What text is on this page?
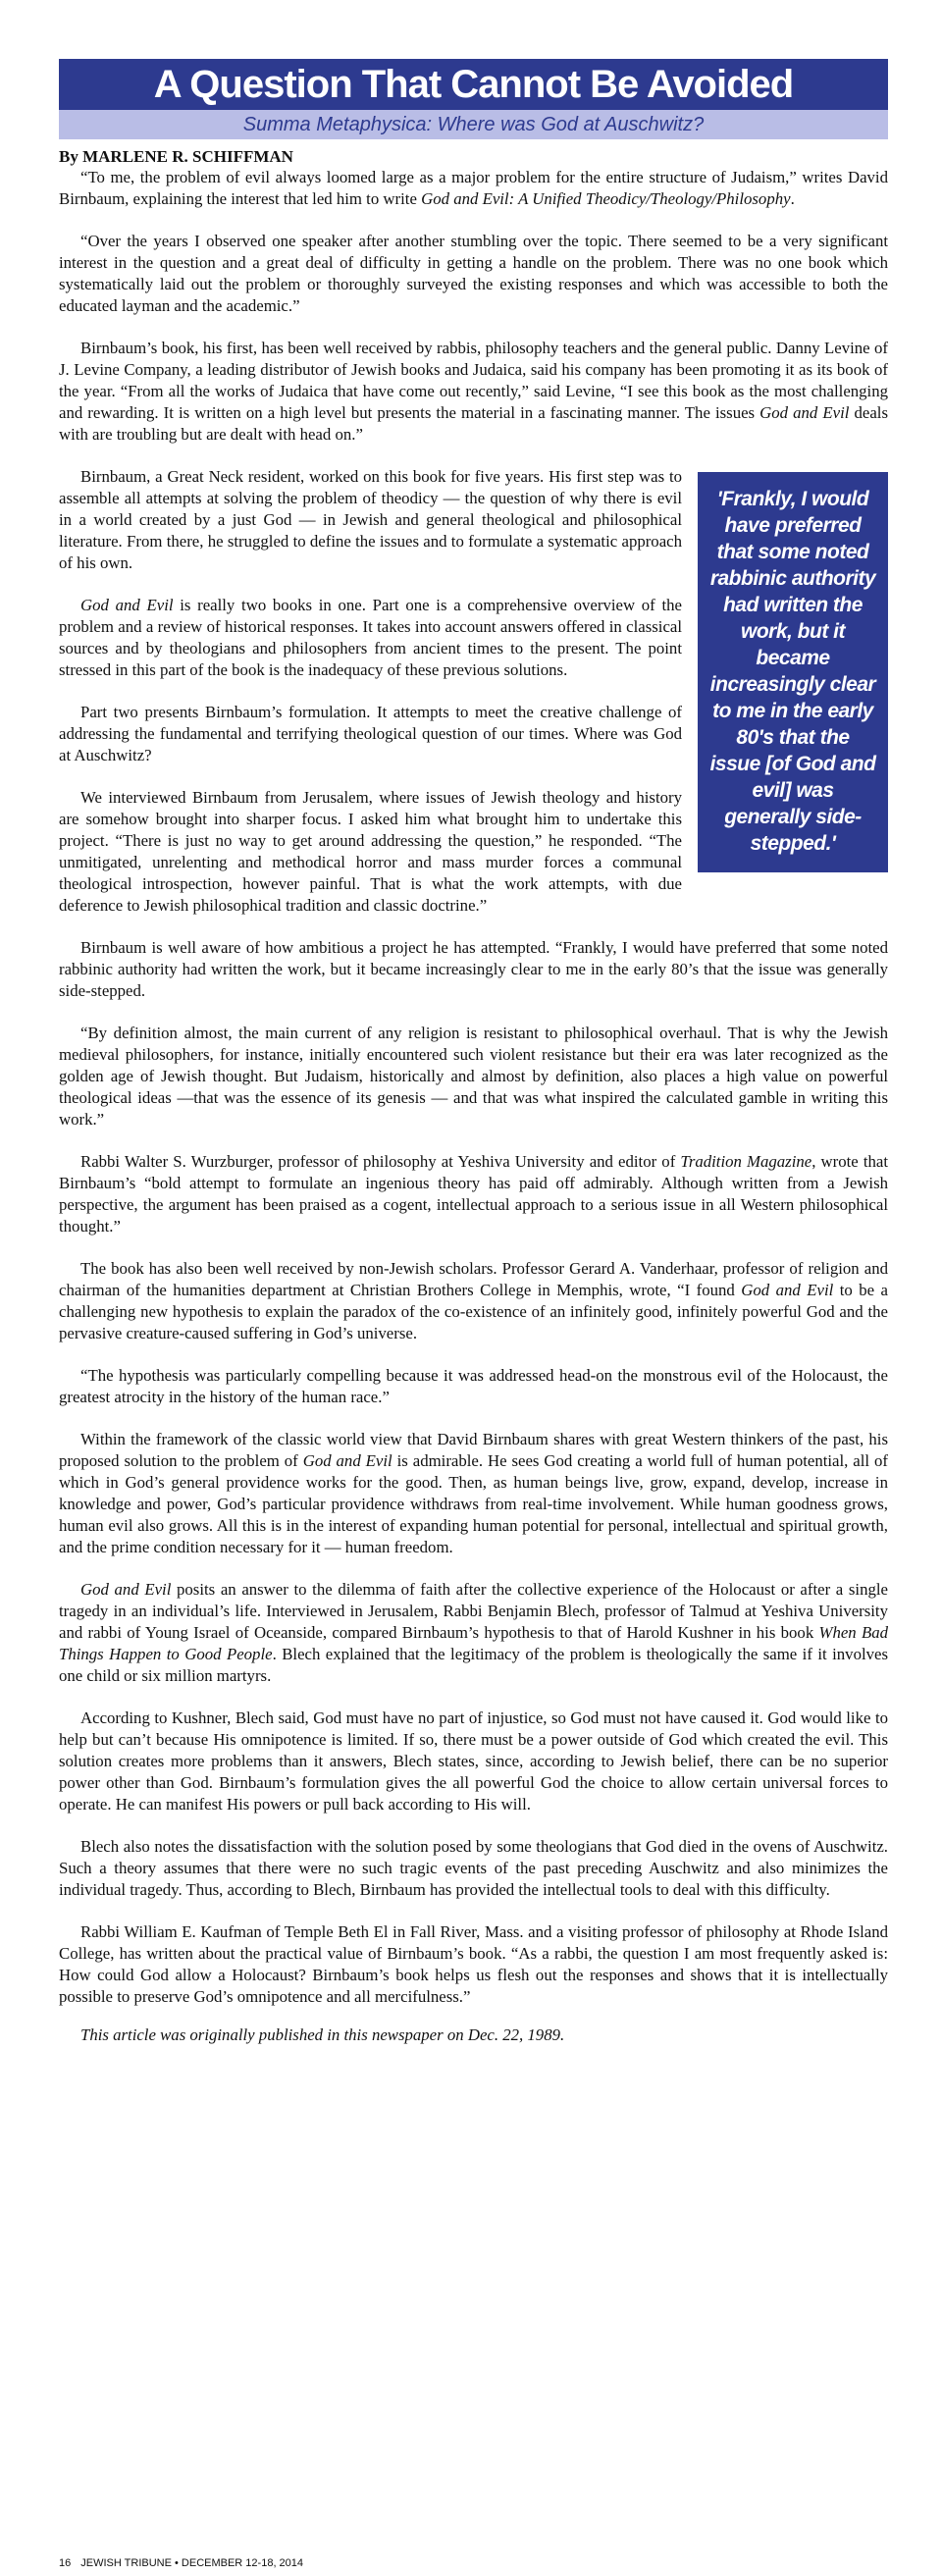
A Question That Cannot Be Avoided
Summa Metaphysica: Where was God at Auschwitz?
By MARLENE R. SCHIFFMAN

“To me, the problem of evil always loomed large as a major problem for the entire structure of Judaism,” writes David Birnbaum, explaining the interest that led him to write God and Evil: A Unified Theodicy/Theology/Philosophy.

“Over the years I observed one speaker after another stumbling over the topic. There seemed to be a very significant interest in the question and a great deal of difficulty in getting a handle on the problem. There was no one book which systematically laid out the problem or thoroughly surveyed the existing responses and which was accessible to both the educated layman and the academic.”

Birnbaum’s book, his first, has been well received by rabbis, philosophy teachers and the general public. Danny Levine of J. Levine Company, a leading distributor of Jewish books and Judaica, said his company has been promoting it as its book of the year. “From all the works of Judaica that have come out recently,” said Levine, “I see this book as the most challenging and rewarding. It is written on a high level but presents the material in a fascinating manner. The issues God and Evil deals with are troubling but are dealt with head on.”

'Frankly, I would have preferred that some noted rabbinic authority had written the work, but it became increasingly clear to me in the early 80's that the issue [of God and evil] was generally side-stepped.'

Birnbaum, a Great Neck resident, worked on this book for five years. His first step was to assemble all attempts at solving the problem of theodicy — the question of why there is evil in a world created by a just God — in Jewish and general theological and philosophical literature. From there, he struggled to define the issues and to formulate a systematic approach of his own.

God and Evil is really two books in one. Part one is a comprehensive overview of the problem and a review of historical responses. It takes into account answers offered in classical sources and by theologians and philosophers from ancient times to the present. The point stressed in this part of the book is the inadequacy of these previous solutions.

Part two presents Birnbaum’s formulation. It attempts to meet the creative challenge of addressing the fundamental and terrifying theological question of our times. Where was God at Auschwitz?

We interviewed Birnbaum from Jerusalem, where issues of Jewish theology and history are somehow brought into sharper focus. I asked him what brought him to undertake this project. “There is just no way to get around addressing the question,” he responded. “The unmitigated, unrelenting and methodical horror and mass murder forces a communal theological introspection, however painful. That is what the work attempts, with due deference to Jewish philosophical tradition and classic doctrine.”

Birnbaum is well aware of how ambitious a project he has attempted. “Frankly, I would have preferred that some noted rabbinic authority had written the work, but it became increasingly clear to me in the early 80’s that the issue was generally side-stepped.

“By definition almost, the main current of any religion is resistant to philosophical overhaul. That is why the Jewish medieval philosophers, for instance, initially encountered such violent resistance but their era was later recognized as the golden age of Jewish thought. But Judaism, historically and almost by definition, also places a high value on powerful theological ideas —that was the essence of its genesis — and that was what inspired the calculated gamble in writing this work.”

Rabbi Walter S. Wurzburger, professor of philosophy at Yeshiva University and editor of Tradition Magazine, wrote that Birnbaum’s “bold attempt to formulate an ingenious theory has paid off admirably. Although written from a Jewish perspective, the argument has been praised as a cogent, intellectual approach to a serious issue in all Western philosophical thought.”

The book has also been well received by non-Jewish scholars. Professor Gerard A. Vanderhaar, professor of religion and chairman of the humanities department at Christian Brothers College in Memphis, wrote, “I found God and Evil to be a challenging new hypothesis to explain the paradox of the co-existence of an infinitely good, infinitely powerful God and the pervasive creature-caused suffering in God’s universe.

“The hypothesis was particularly compelling because it was addressed head-on the monstrous evil of the Holocaust, the greatest atrocity in the history of the human race.”

Within the framework of the classic world view that David Birnbaum shares with great Western thinkers of the past, his proposed solution to the problem of God and Evil is admirable. He sees God creating a world full of human potential, all of which in God’s general providence works for the good. Then, as human beings live, grow, expand, develop, increase in knowledge and power, God’s particular providence withdraws from real-time involvement. While human goodness grows, human evil also grows. All this is in the interest of expanding human potential for personal, intellectual and spiritual growth, and the prime condition necessary for it — human freedom.

God and Evil posits an answer to the dilemma of faith after the collective experience of the Holocaust or after a single tragedy in an individual’s life. Interviewed in Jerusalem, Rabbi Benjamin Blech, professor of Talmud at Yeshiva University and rabbi of Young Israel of Oceanside, compared Birnbaum’s hypothesis to that of Harold Kushner in his book When Bad Things Happen to Good People. Blech explained that the legitimacy of the problem is theologically the same if it involves one child or six million martyrs.

According to Kushner, Blech said, God must have no part of injustice, so God must not have caused it. God would like to help but can’t because His omnipotence is limited. If so, there must be a power outside of God which created the evil. This solution creates more problems than it answers, Blech states, since, according to Jewish belief, there can be no superior power other than God. Birnbaum’s formulation gives the all powerful God the choice to allow certain universal forces to operate. He can manifest His powers or pull back according to His will.

Blech also notes the dissatisfaction with the solution posed by some theologians that God died in the ovens of Auschwitz. Such a theory assumes that there were no such tragic events of the past preceding Auschwitz and also minimizes the individual tragedy. Thus, according to Blech, Birnbaum has provided the intellectual tools to deal with this difficulty.

Rabbi William E. Kaufman of Temple Beth El in Fall River, Mass. and a visiting professor of philosophy at Rhode Island College, has written about the practical value of Birnbaum’s book. “As a rabbi, the question I am most frequently asked is: How could God allow a Holocaust? Birnbaum’s book helps us flesh out the responses and shows that it is intellectually possible to preserve God’s omnipotence and all mercifulness.”

This article was originally published in this newspaper on Dec. 22, 1989.
16 JEWISH TRIBUNE • DECEMBER 12-18, 2014
